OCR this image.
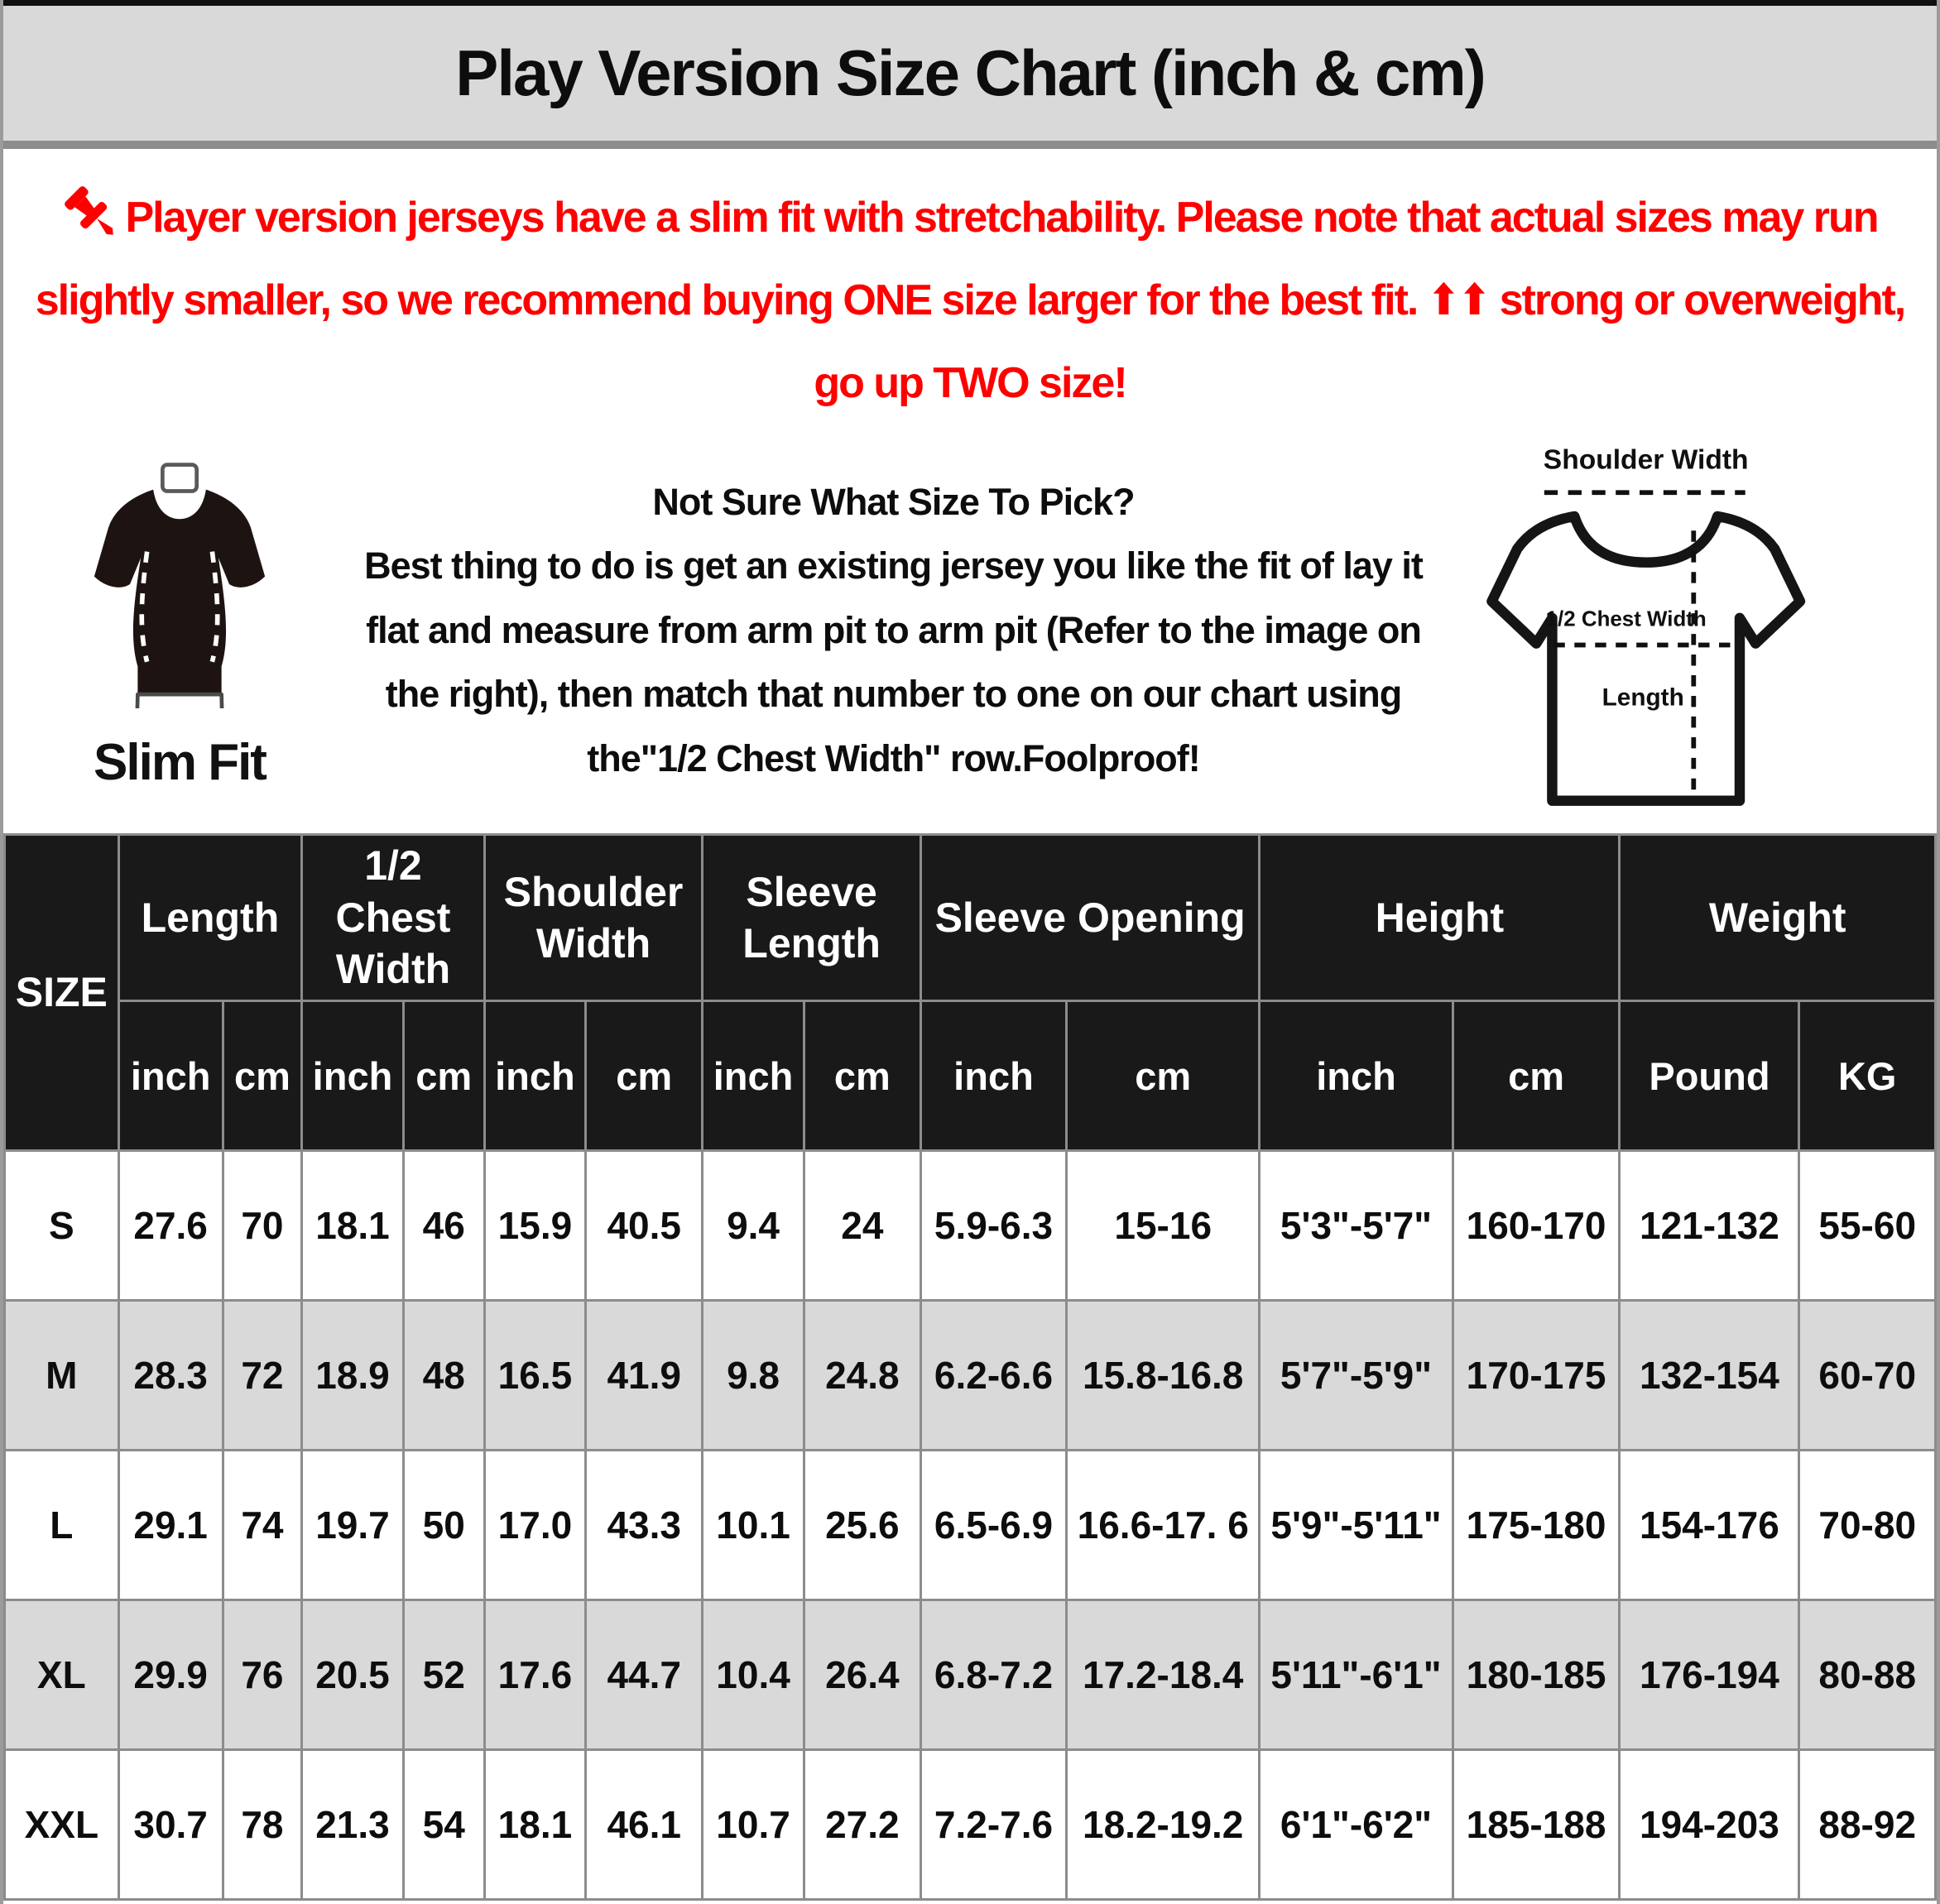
Play Version Size Chart (inch & cm)
Player version jerseys have a slim fit with stretchability. Please note that actual sizes may run
slightly smaller, so we recommend buying ONE size larger for the best fit. ⬆⬆ strong or overweight,
go up TWO size!
Slim Fit
Not Sure What Size To Pick?
Best thing to do is get an existing jersey you like the fit of lay it
flat and measure from arm pit to arm pit (Refer to the image on
the right), then match that number to one on our chart using
the"1/2 Chest Width" row.Foolproof!
Shoulder Width
1/2 Chest Width
Length
SIZE	Length		1/2 Chest Width		Shoulder Width		Sleeve Length		Sleeve Opening		Height		Weight	
	inch	cm	inch	cm	inch	cm	inch	cm	inch	cm	inch	cm	Pound	KG
S	27.6	70	18.1	46	15.9	40.5	9.4	24	5.9-6.3	15-16	5'3"-5'7"	160-170	121-132	55-60
M	28.3	72	18.9	48	16.5	41.9	9.8	24.8	6.2-6.6	15.8-16.8	5'7"-5'9"	170-175	132-154	60-70
L	29.1	74	19.7	50	17.0	43.3	10.1	25.6	6.5-6.9	16.6-17. 6	5'9"-5'11"	175-180	154-176	70-80
XL	29.9	76	20.5	52	17.6	44.7	10.4	26.4	6.8-7.2	17.2-18.4	5'11"-6'1"	180-185	176-194	80-88
XXL	30.7	78	21.3	54	18.1	46.1	10.7	27.2	7.2-7.6	18.2-19.2	6'1"-6'2"	185-188	194-203	88-92
